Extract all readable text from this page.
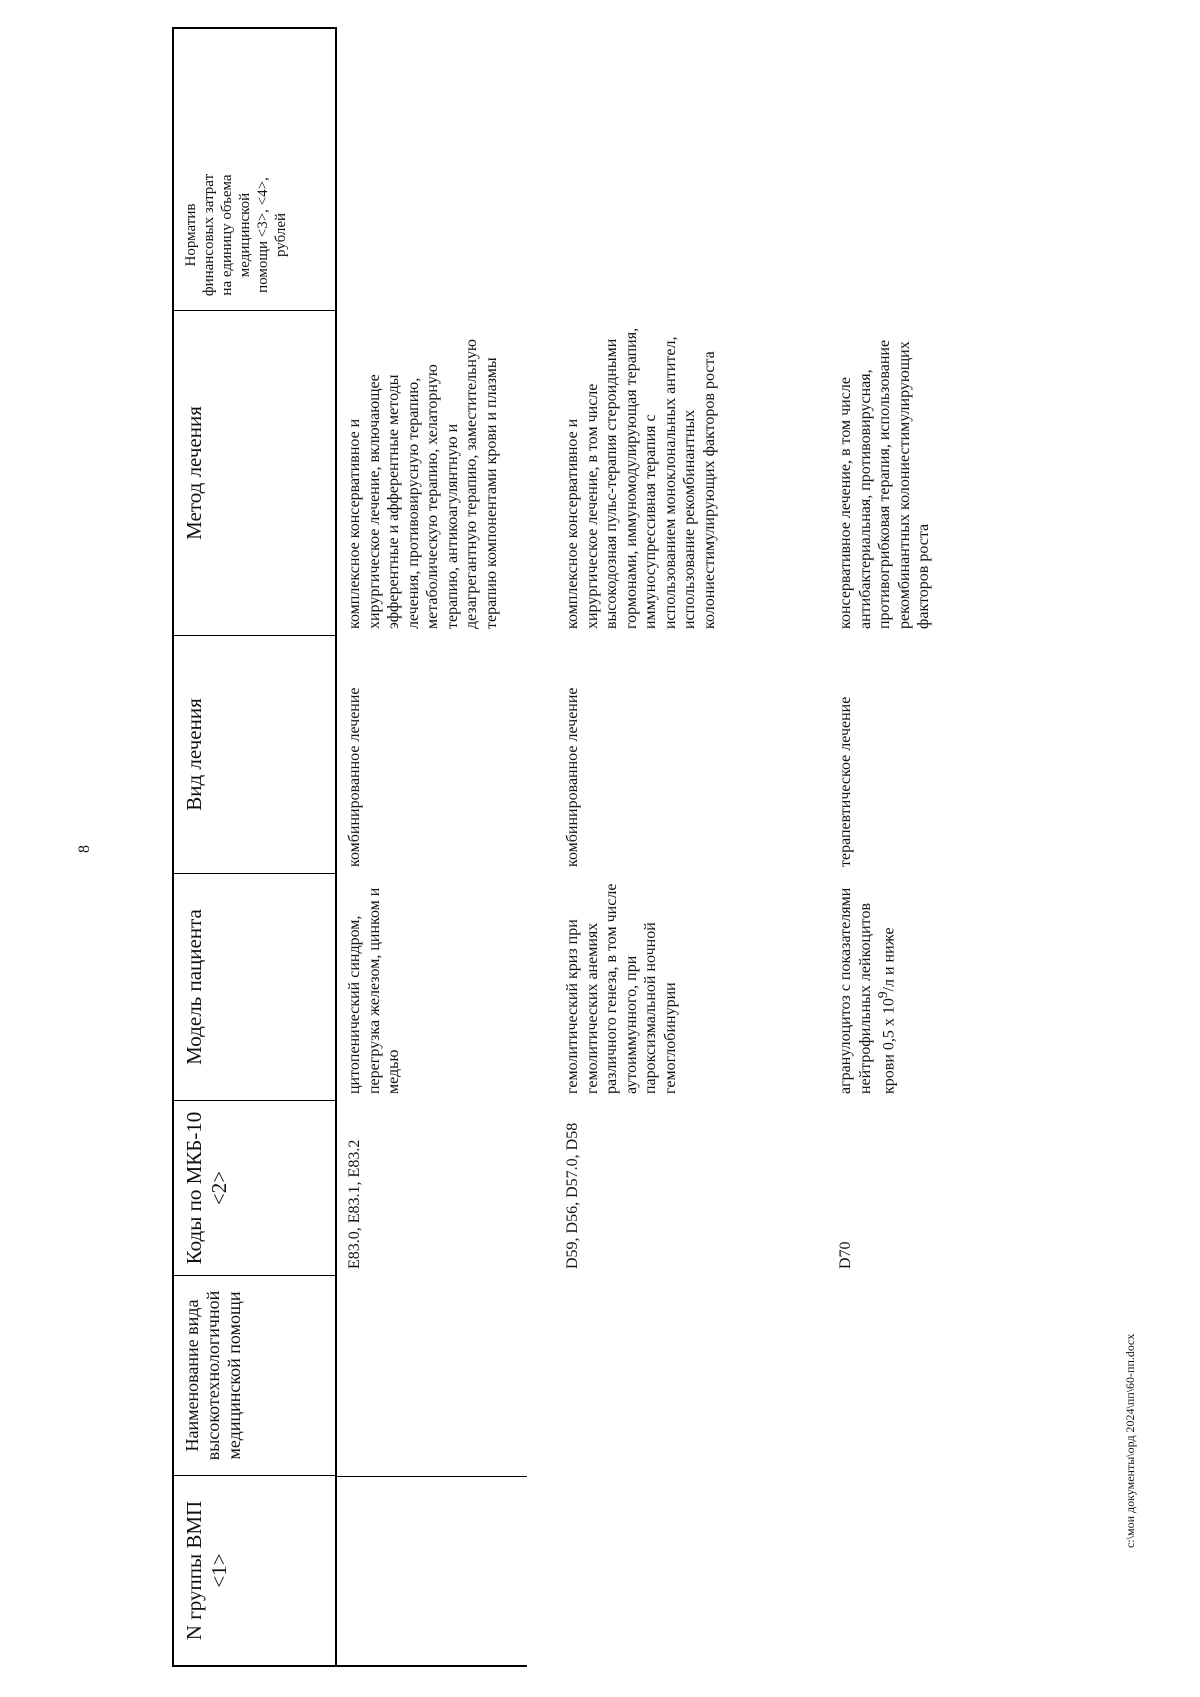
8
N группы ВМП <1>
Наименование вида высокотехнологичной медицинской помощи
Коды по МКБ-10 <2>
Модель пациента
Вид лечения
Метод лечения
Норматив финансовых затрат на единицу объема медицинской помощи <3>, <4>, рублей
E83.0, E83.1, E83.2
цитопенический синдром, перегрузка железом, цинком и медью
комбинированное лечение
комплексное консервативное и хирургическое лечение, включающее эфферентные и афферентные методы лечения, противовирусную терапию, метаболическую терапию, хелаторную терапию, антикоагулянтную и дезагрегантную терапию, заместительную терапию компонентами крови и плазмы
D59, D56, D57.0, D58
гемолитический криз при гемолитических анемиях различного генеза, в том числе аутоиммунного, при пароксизмальной ночной гемоглобинурии
комбинированное лечение
комплексное консервативное и хирургическое лечение, в том числе высокодозная пульс-терапия стероидными гормонами, иммуномодулирующая терапия, иммуносупрессивная терапия с использованием моноклональных антител, использование рекомбинантных колониестимулирующих факторов роста
D70
агранулоцитоз с показателями нейтрофильных лейкоцитов крови 0,5 x $10^9/л$ и ниже
терапевтическое лечение
консервативное лечение, в том числе антибактериальная, противовирусная, противогрибковая терапия, использование рекомбинантных колониестимулирующих факторов роста
c:\мои документы\орд 2024\пп\60-пп.docx
